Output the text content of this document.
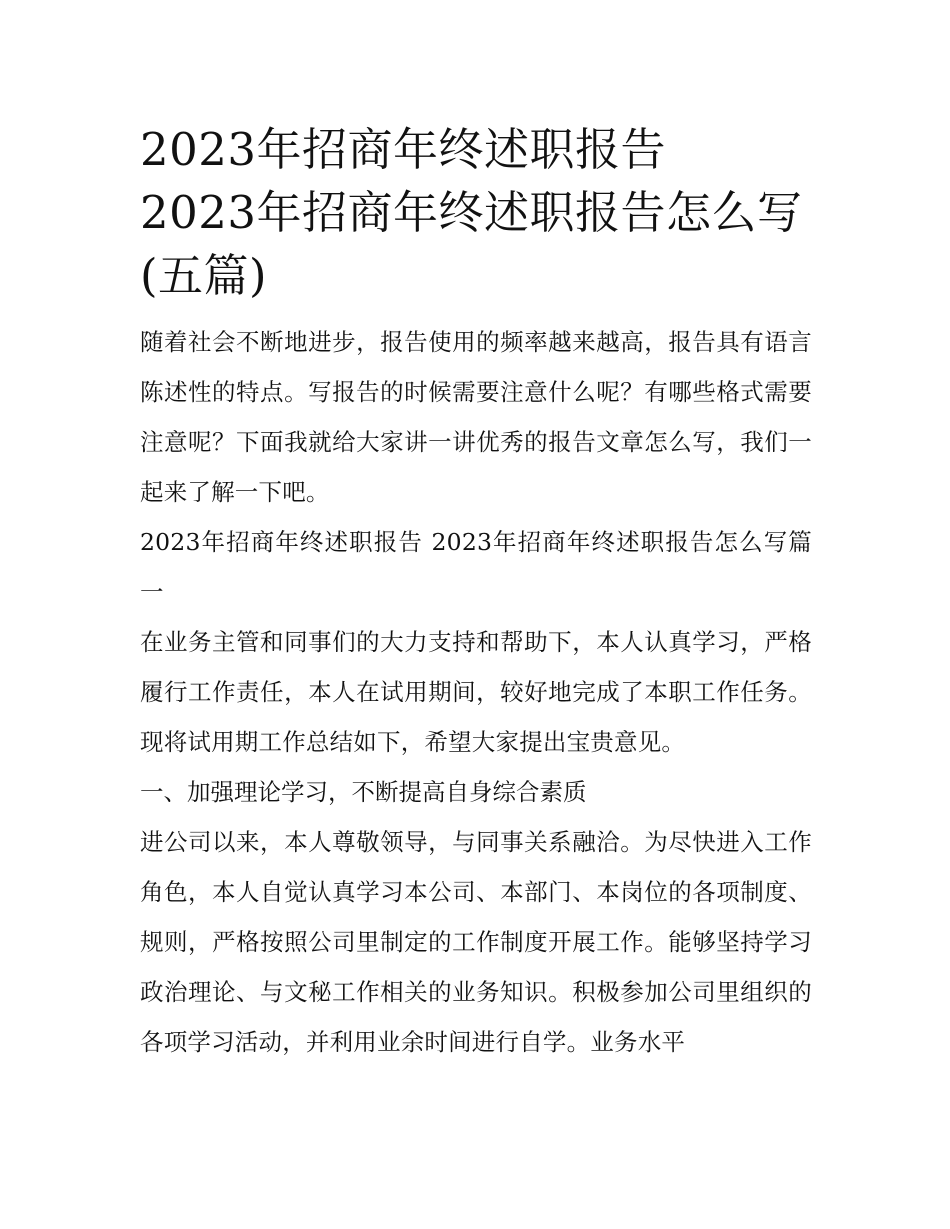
2023年招商年终述职报告
2023年招商年终述职报告怎么写(五篇)

随着社会不断地进步，报告使用的频率越来越高，报告具有语言陈述性的特点。写报告的时候需要注意什么呢？有哪些格式需要注意呢？下面我就给大家讲一讲优秀的报告文章怎么写，我们一起来了解一下吧。

2023年招商年终述职报告 2023年招商年终述职报告怎么写篇一

在业务主管和同事们的大力支持和帮助下，本人认真学习，严格履行工作责任，本人在试用期间，较好地完成了本职工作任务。现将试用期工作总结如下，希望大家提出宝贵意见。

一、加强理论学习，不断提高自身综合素质

进公司以来，本人尊敬领导，与同事关系融洽。为尽快进入工作角色，本人自觉认真学习本公司、本部门、本岗位的各项制度、规则，严格按照公司里制定的工作制度开展工作。能够坚持学习政治理论、与文秘工作相关的业务知识。积极参加公司里组织的各项学习活动，并利用业余时间进行自学。业务水平
